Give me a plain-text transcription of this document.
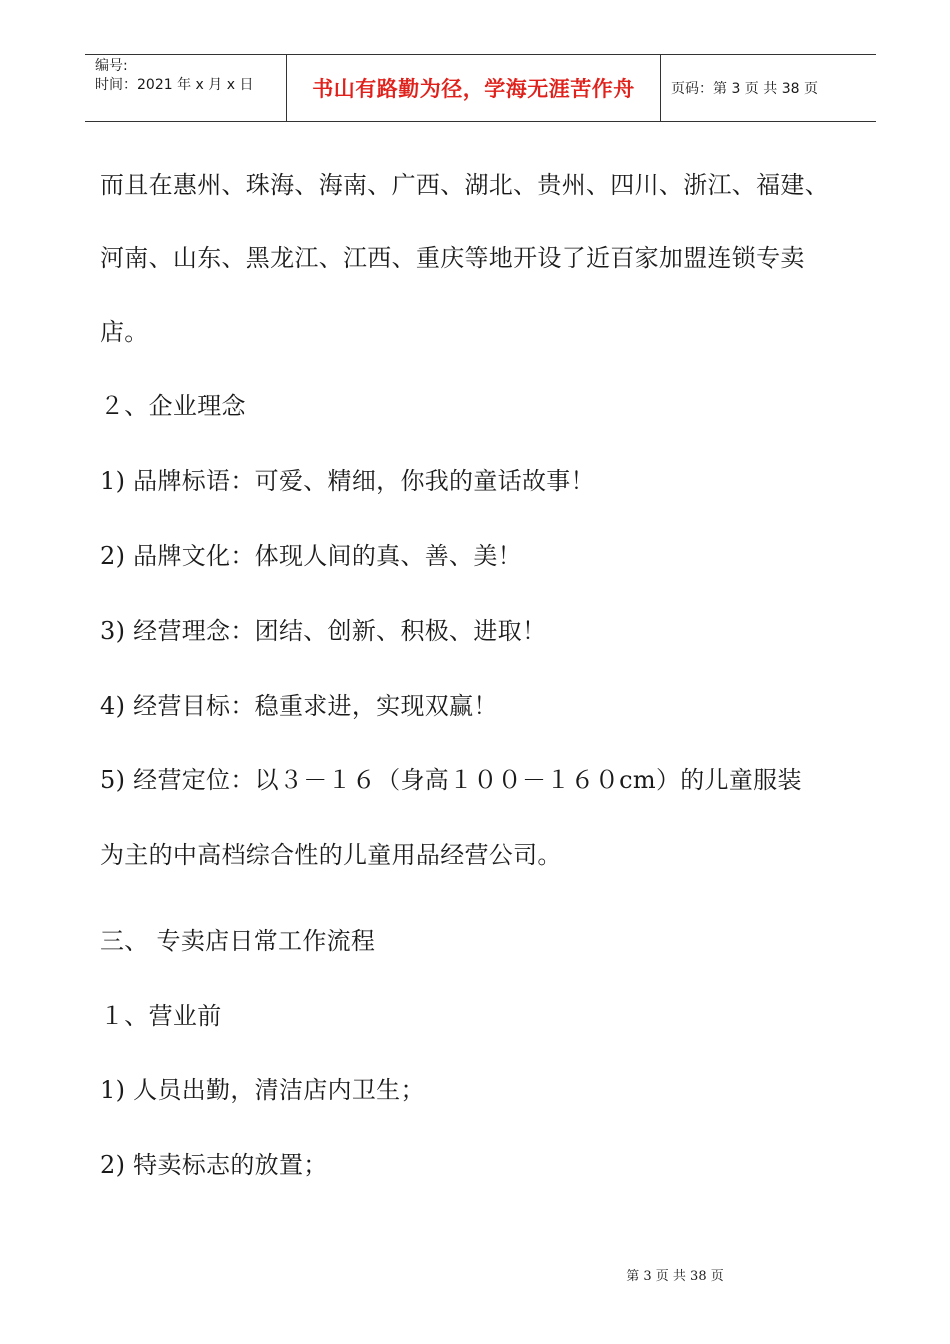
编号:
时间：2021 年 x 月 x 日	书山有路勤为径，学海无涯苦作舟	页码：第 3 页 共 38 页
而且在惠州、珠海、海南、广西、湖北、贵州、四川、浙江、福建、
河南、山东、黑龙江、江西、重庆等地开设了近百家加盟连锁专卖
店。
２、企业理念
1) 品牌标语：可爱、精细，你我的童话故事！
2) 品牌文化：体现人间的真、善、美！
3) 经营理念：团结、创新、积极、进取！
4) 经营目标：稳重求进，实现双赢！
5) 经营定位：以３－１６（身高１００－１６０cm）的儿童服装
为主的中高档综合性的儿童用品经营公司。
三、 专卖店日常工作流程
１、营业前
1) 人员出勤，清洁店内卫生；
2) 特卖标志的放置；
第 3 页 共 38 页
